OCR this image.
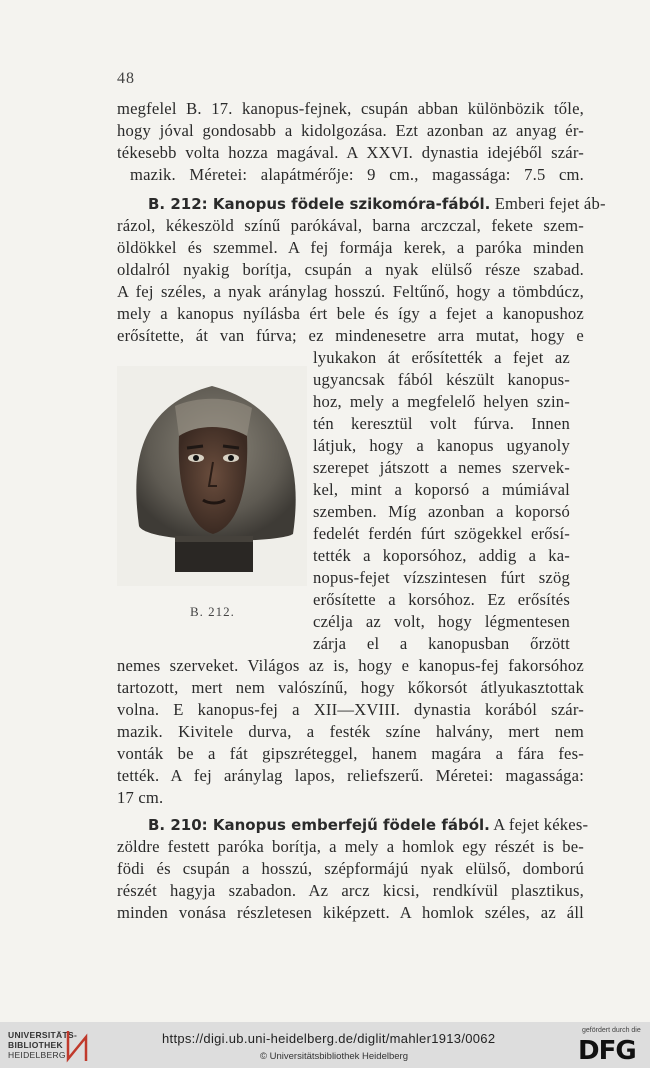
48
megfelel B. 17. kanopus-fejnek, csupán abban különbözik tőle,
hogy jóval gondosabb a kidolgozása. Ezt azonban az anyag ér-
tékesebb volta hozza magával. A XXVI. dynastia idejéből szár-
mazik. Méretei: alapátmérője: 9 cm., magassága: 7.5 cm.
B. 212: Kanopus födele szikomóra-fából. Emberi fejet áb-
rázol, kékeszöld színű parókával, barna arczczal, fekete szem-
öldökkel és szemmel. A fej formája kerek, a paróka minden
oldalról nyakig borítja, csupán a nyak elülső része szabad.
A fej széles, a nyak aránylag hosszú. Feltűnő, hogy a tömbdúcz,
mely a kanopus nyílásba ért bele és így a fejet a kanopushoz
erősítette, át van fúrva; ez mindenesetre arra mutat, hogy e
lyukakon át erősítették a fejet az
ugyancsak fából készült kanopus-
hoz, mely a megfelelő helyen szin-
tén keresztül volt fúrva. Innen
látjuk, hogy a kanopus ugyanoly
szerepet játszott a nemes szervek-
kel, mint a koporsó a múmiával
szemben. Míg azonban a koporsó
fedelét ferdén fúrt szögekkel erősí-
tették a koporsóhoz, addig a ka-
nopus-fejet vízszintesen fúrt szög
erősítette a korsóhoz. Ez erősítés
czélja az volt, hogy légmentesen
zárja el a kanopusban őrzött
B. 212.
nemes szerveket. Világos az is, hogy e kanopus-fej fakorsóhoz
tartozott, mert nem valószínű, hogy kőkorsót átlyukasztottak
volna. E kanopus-fej a XII—XVIII. dynastia korából szár-
mazik. Kivitele durva, a festék színe halvány, mert nem
vonták be a fát gipszréteggel, hanem magára a fára fes-
tették. A fej aránylag lapos, reliefszerű. Méretei: magassága:
17 cm.
B. 210: Kanopus emberfejű födele fából. A fejet kékes-
zöldre festett paróka borítja, a mely a homlok egy részét is be-
födi és csupán a hosszú, szépformájú nyak elülső, domború
részét hagyja szabadon. Az arcz kicsi, rendkívül plasztikus,
minden vonása részletesen kiképzett. A homlok széles, az áll
UNIVERSITÄTS-
BIBLIOTHEK
HEIDELBERG
https://digi.ub.uni-heidelberg.de/diglit/mahler1913/0062
© Universitätsbibliothek Heidelberg
gefördert durch die
DFG
